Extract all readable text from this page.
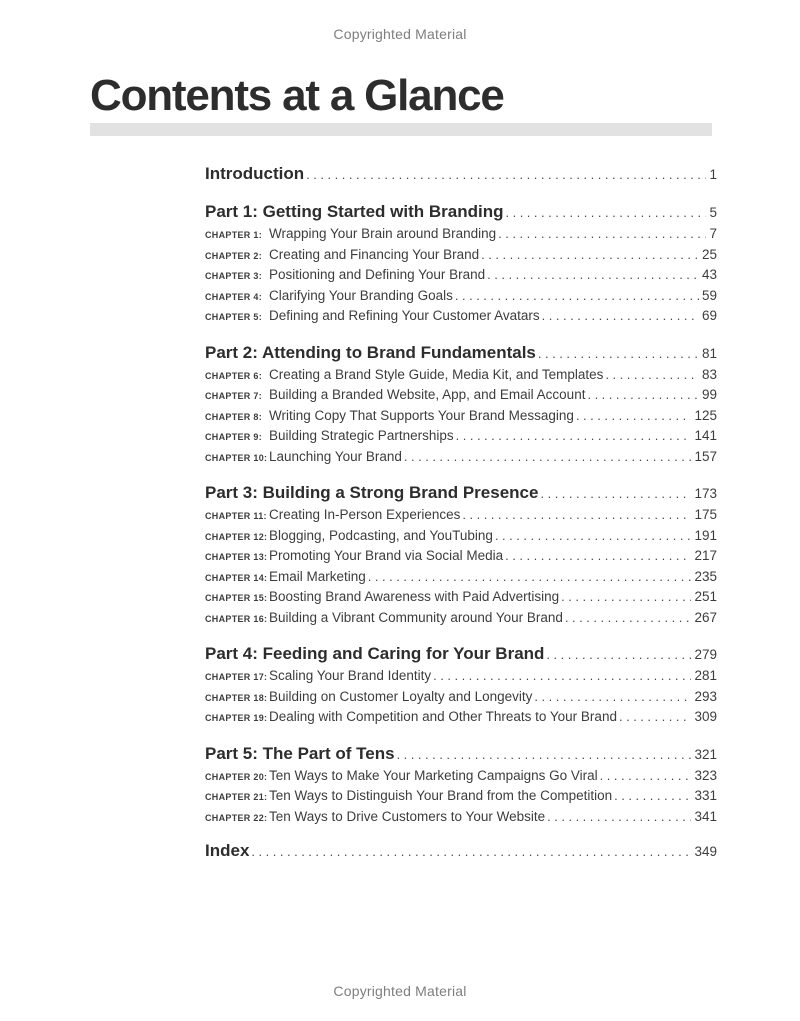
Copyrighted Material
Contents at a Glance
Introduction .....	1
Part 1: Getting Started with Branding .....	5
CHAPTER 1: Wrapping Your Brain around Branding .....	7
CHAPTER 2: Creating and Financing Your Brand .....	25
CHAPTER 3: Positioning and Defining Your Brand .....	43
CHAPTER 4: Clarifying Your Branding Goals .....	59
CHAPTER 5: Defining and Refining Your Customer Avatars .....	69
Part 2: Attending to Brand Fundamentals .....	81
CHAPTER 6: Creating a Brand Style Guide, Media Kit, and Templates .....	83
CHAPTER 7: Building a Branded Website, App, and Email Account .....	99
CHAPTER 8: Writing Copy That Supports Your Brand Messaging .....	125
CHAPTER 9: Building Strategic Partnerships .....	141
CHAPTER 10: Launching Your Brand .....	157
Part 3: Building a Strong Brand Presence .....	173
CHAPTER 11: Creating In-Person Experiences .....	175
CHAPTER 12: Blogging, Podcasting, and YouTubing .....	191
CHAPTER 13: Promoting Your Brand via Social Media .....	217
CHAPTER 14: Email Marketing .....	235
CHAPTER 15: Boosting Brand Awareness with Paid Advertising .....	251
CHAPTER 16: Building a Vibrant Community around Your Brand .....	267
Part 4: Feeding and Caring for Your Brand .....	279
CHAPTER 17: Scaling Your Brand Identity .....	281
CHAPTER 18: Building on Customer Loyalty and Longevity .....	293
CHAPTER 19: Dealing with Competition and Other Threats to Your Brand .....	309
Part 5: The Part of Tens .....	321
CHAPTER 20: Ten Ways to Make Your Marketing Campaigns Go Viral .....	323
CHAPTER 21: Ten Ways to Distinguish Your Brand from the Competition .....	331
CHAPTER 22: Ten Ways to Drive Customers to Your Website .....	341
Index .....	349
Copyrighted Material
